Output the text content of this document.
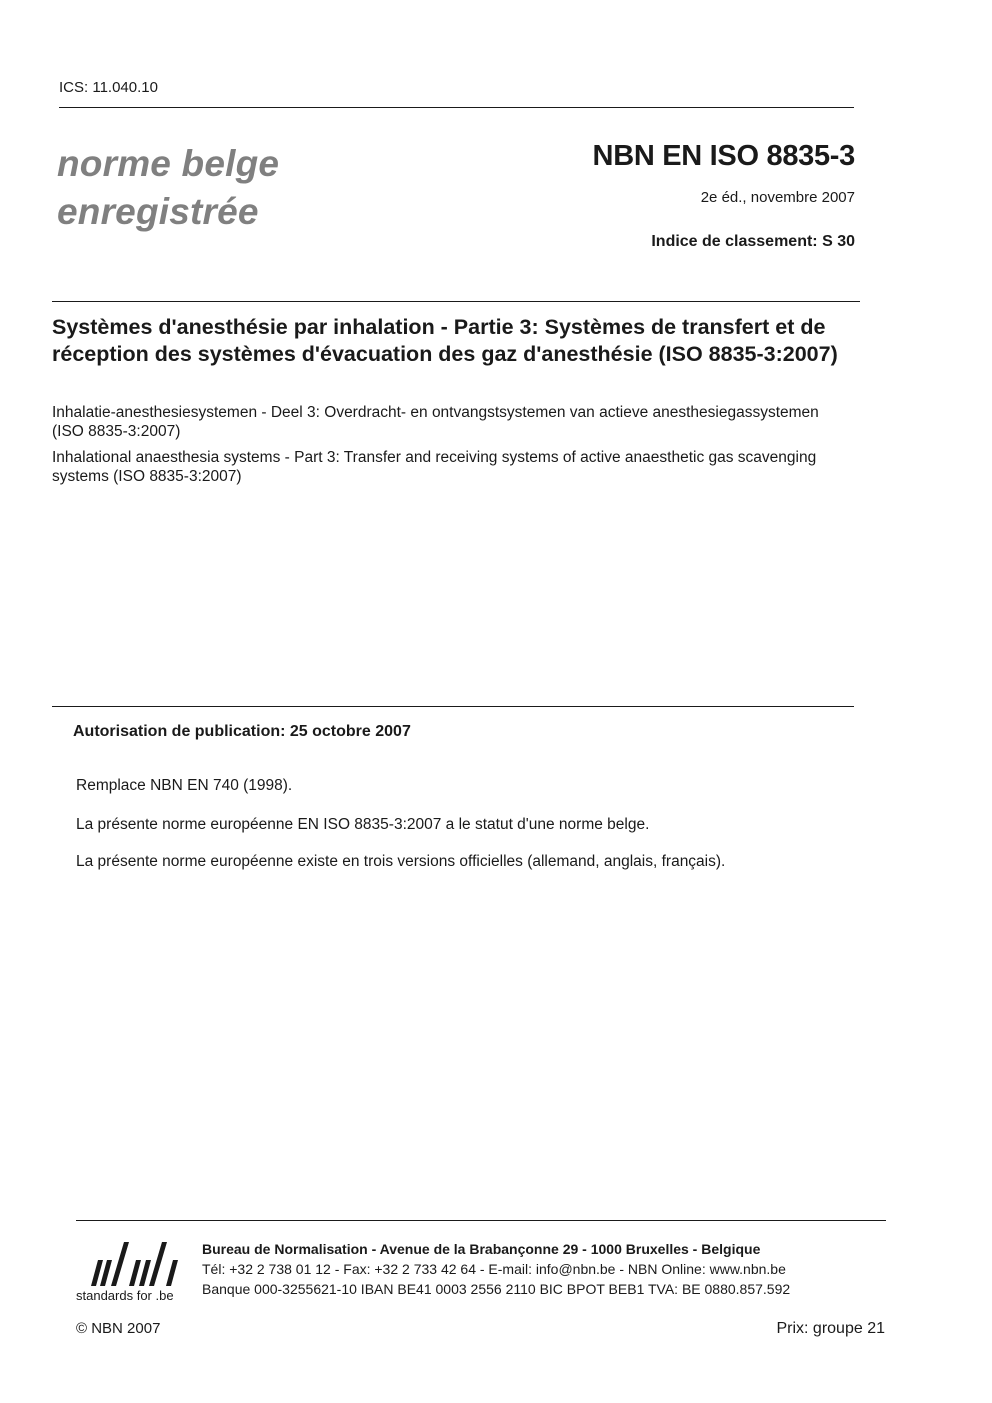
ICS: 11.040.10
norme belge
enregistrée
NBN EN ISO 8835-3
2e éd., novembre 2007
Indice de classement: S 30
Systèmes d'anesthésie par inhalation - Partie 3: Systèmes de transfert et de réception des systèmes d'évacuation des gaz d'anesthésie (ISO 8835-3:2007)
Inhalatie-anesthesiesystemen - Deel 3: Overdracht- en ontvangstsystemen van actieve anesthesiegassystemen (ISO 8835-3:2007)
Inhalational anaesthesia systems - Part 3: Transfer and receiving systems of active anaesthetic gas scavenging systems (ISO 8835-3:2007)
Autorisation de publication: 25 octobre 2007
Remplace NBN EN 740 (1998).
La présente norme européenne EN ISO 8835-3:2007 a le statut d'une norme belge.
La présente norme européenne existe en trois versions officielles (allemand, anglais, français).
standards for .be
Bureau de Normalisation - Avenue de la Brabançonne 29 - 1000 Bruxelles - Belgique
Tél: +32 2 738 01 12 - Fax: +32 2 733 42 64 - E-mail: info@nbn.be - NBN Online: www.nbn.be
Banque 000-3255621-10 IBAN BE41 0003 2556 2110 BIC BPOT BEB1 TVA: BE 0880.857.592
© NBN 2007	Prix: groupe 21
